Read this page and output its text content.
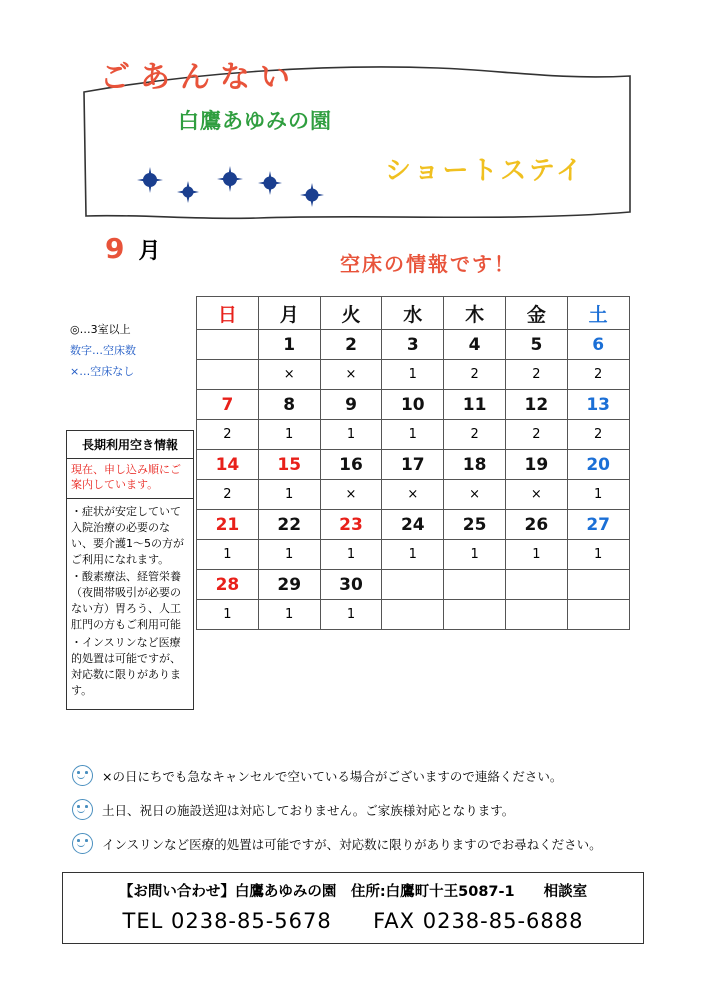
ごあんない
白鷹あゆみの園
ショートステイ
9 月	空床の情報です！
◎…3室以上
数字…空床数
×…空床なし
日	月	火	水	木	金	土
	1	2	3	4	5	6
	×	×	1	2	2	2
7	8	9	10	11	12	13
2	1	1	1	2	2	2
14	15	16	17	18	19	20
2	1	×	×	×	×	1
21	22	23	24	25	26	27
1	1	1	1	1	1	1
28	29	30				
1	1	1				
長期利用空き情報
現在、申し込み順にご案内しています。

・症状が安定していて入院治療の必要のない、要介護1～5の方がご利用になれます。

・酸素療法、経管栄養（夜間帯吸引が必要のない方）胃ろう、人工肛門の方もご利用可能

・インスリンなど医療的処置は可能ですが、対応数に限りがあります。

×の日にちでも急なキャンセルで空いている場合がございますので連絡ください。
土日、祝日の施設送迎は対応しておりません。ご家族様対応となります。
インスリンなど医療的処置は可能ですが、対応数に限りがありますのでお尋ねください。
【お問い合わせ】白鷹あゆみの園　住所:白鷹町十王5087-1　　相談室
TEL 0238-85-5678 FAX 0238-85-6888
